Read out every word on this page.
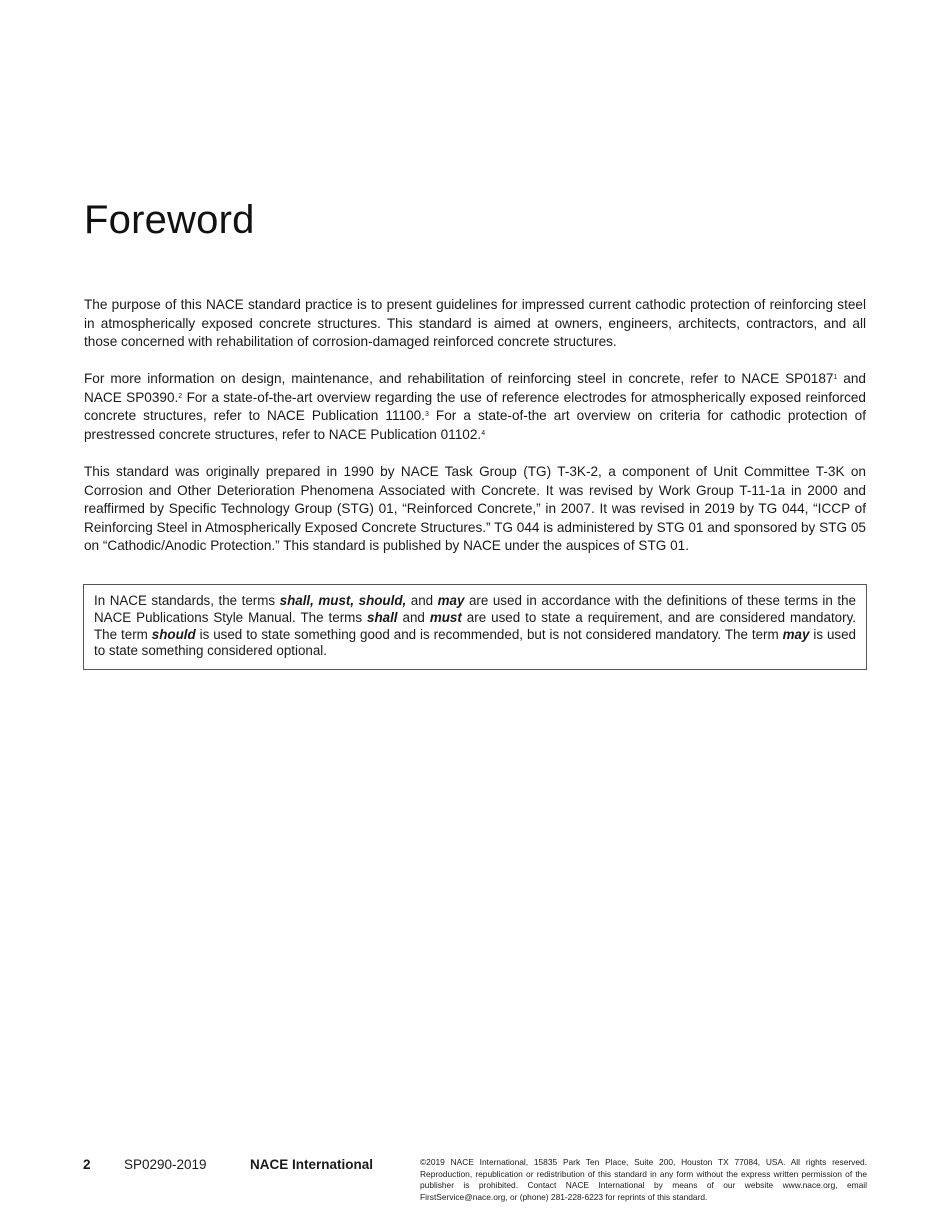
Foreword

The purpose of this NACE standard practice is to present guidelines for impressed current cathodic protection of reinforcing steel in atmospherically exposed concrete structures. This standard is aimed at owners, engineers, architects, contractors, and all those concerned with rehabilitation of corrosion-damaged reinforced concrete structures.

For more information on design, maintenance, and rehabilitation of reinforcing steel in concrete, refer to NACE SP0187$^1$ and NACE SP0390.$^2$ For a state-of-the-art overview regarding the use of reference electrodes for atmospherically exposed reinforced concrete structures, refer to NACE Publication 11100.$^3$ For a state-of-the art overview on criteria for cathodic protection of prestressed concrete structures, refer to NACE Publication 01102.$^4$

This standard was originally prepared in 1990 by NACE Task Group (TG) T-3K-2, a component of Unit Committee T-3K on Corrosion and Other Deterioration Phenomena Associated with Concrete. It was revised by Work Group T-11-1a in 2000 and reaffirmed by Specific Technology Group (STG) 01, “Reinforced Concrete,” in 2007. It was revised in 2019 by TG 044, “ICCP of Reinforcing Steel in Atmospherically Exposed Concrete Structures.” TG 044 is administered by STG 01 and sponsored by STG 05 on “Cathodic/Anodic Protection.” This standard is published by NACE under the auspices of STG 01.

In NACE standards, the terms shall, must, should, and may are used in accordance with the definitions of these terms in the NACE Publications Style Manual. The terms shall and must are used to state a requirement, and are considered mandatory. The term should is used to state something good and is recommended, but is not considered mandatory. The term may is used to state something considered optional.
2 SP0290-2019	NACE International	©2019 NACE International, 15835 Park Ten Place, Suite 200, Houston TX 77084, USA. All rights reserved. Reproduction, republication or redistribution of this standard in any form without the express written permission of the publisher is prohibited. Contact NACE International by means of our website www.nace.org, email FirstService@nace.org, or (phone) 281-228-6223 for reprints of this standard.
